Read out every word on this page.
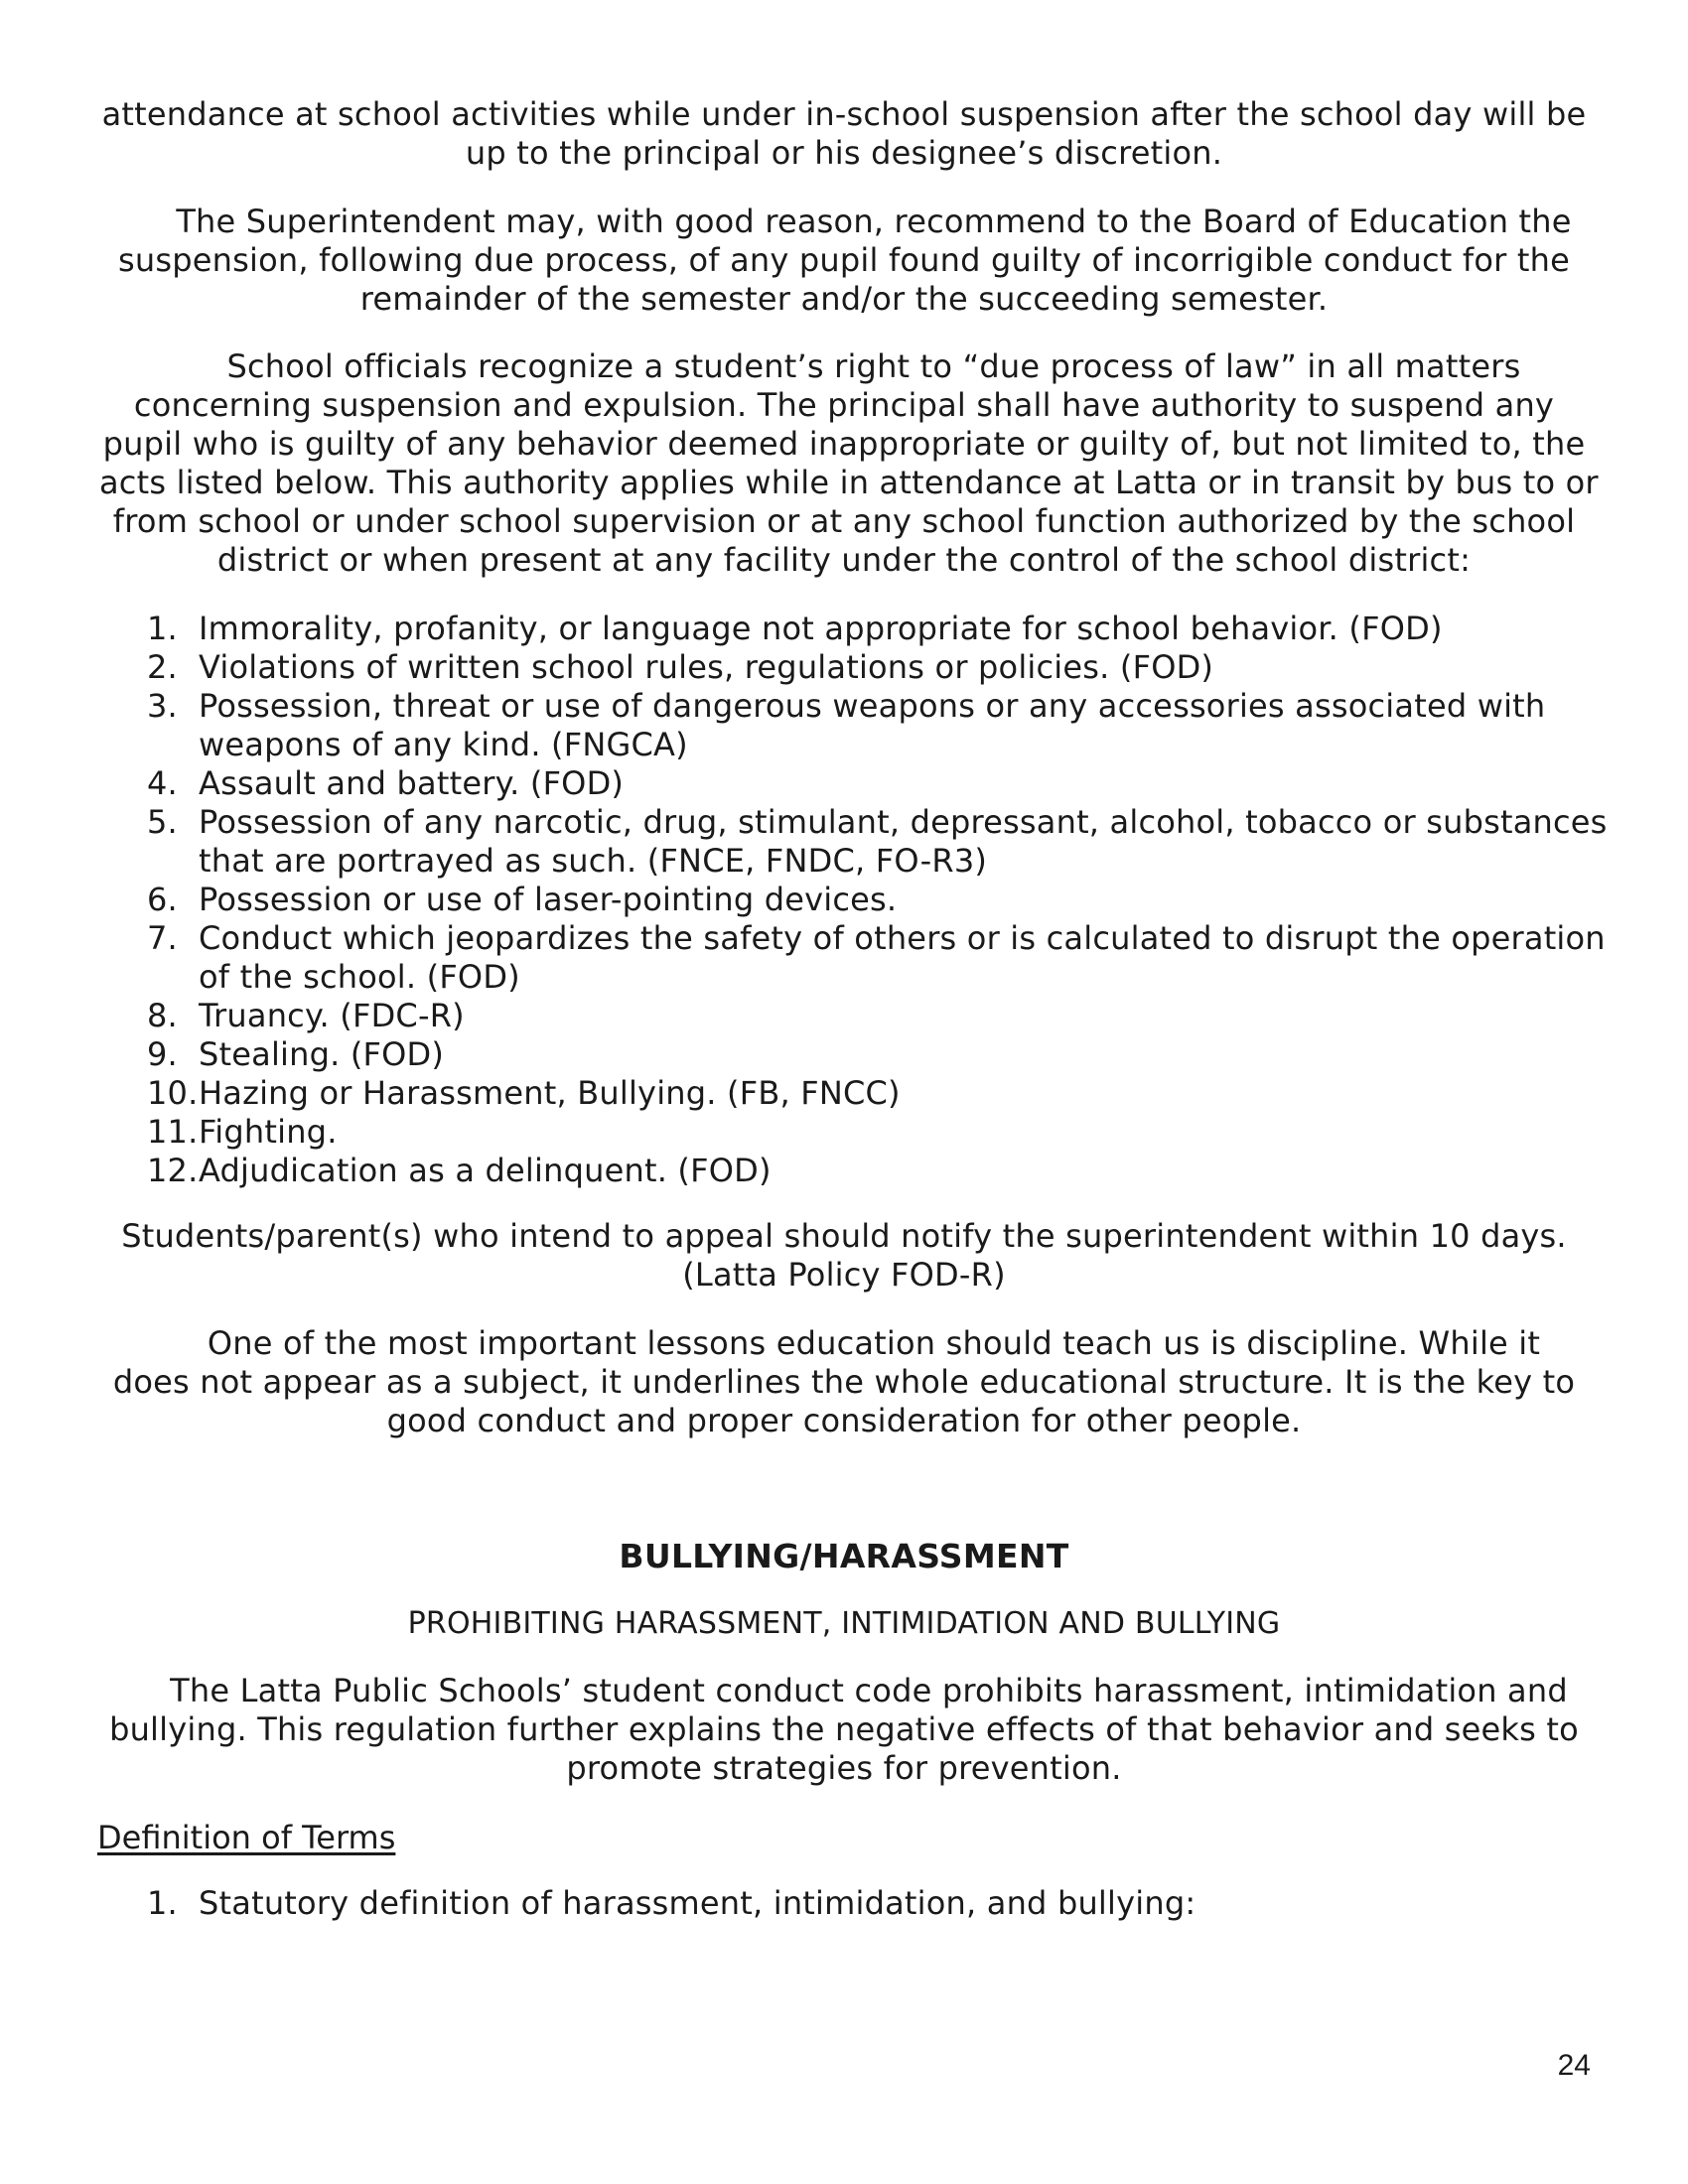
attendance at school activities while under in-school suspension after the school day will be
up to the principal or his designee’s discretion.
The Superintendent may, with good reason, recommend to the Board of Education the
suspension, following due process, of any pupil found guilty of incorrigible conduct for the
remainder of the semester and/or the succeeding semester.
School officials recognize a student’s right to “due process of law” in all matters
concerning suspension and expulsion. The principal shall have authority to suspend any
pupil who is guilty of any behavior deemed inappropriate or guilty of, but not limited to, the
acts listed below. This authority applies while in attendance at Latta or in transit by bus to or
from school or under school supervision or at any school function authorized by the school
district or when present at any facility under the control of the school district:
1. Immorality, profanity, or language not appropriate for school behavior. (FOD)
2. Violations of written school rules, regulations or policies. (FOD)
3. Possession, threat or use of dangerous weapons or any accessories associated with
weapons of any kind. (FNGCA)
4. Assault and battery. (FOD)
5. Possession of any narcotic, drug, stimulant, depressant, alcohol, tobacco or substances
that are portrayed as such. (FNCE, FNDC, FO-R3)
6. Possession or use of laser-pointing devices.
7. Conduct which jeopardizes the safety of others or is calculated to disrupt the operation
of the school. (FOD)
8. Truancy. (FDC-R)
9. Stealing. (FOD)
10. Hazing or Harassment, Bullying. (FB, FNCC)
11. Fighting.
12. Adjudication as a delinquent. (FOD)
Students/parent(s) who intend to appeal should notify the superintendent within 10 days.
(Latta Policy FOD-R)
One of the most important lessons education should teach us is discipline. While it
does not appear as a subject, it underlines the whole educational structure. It is the key to
good conduct and proper consideration for other people.
BULLYING/HARASSMENT
PROHIBITING HARASSMENT, INTIMIDATION AND BULLYING
The Latta Public Schools’ student conduct code prohibits harassment, intimidation and
bullying. This regulation further explains the negative effects of that behavior and seeks to
promote strategies for prevention.
Definition of Terms
1. Statutory definition of harassment, intimidation, and bullying:
24
